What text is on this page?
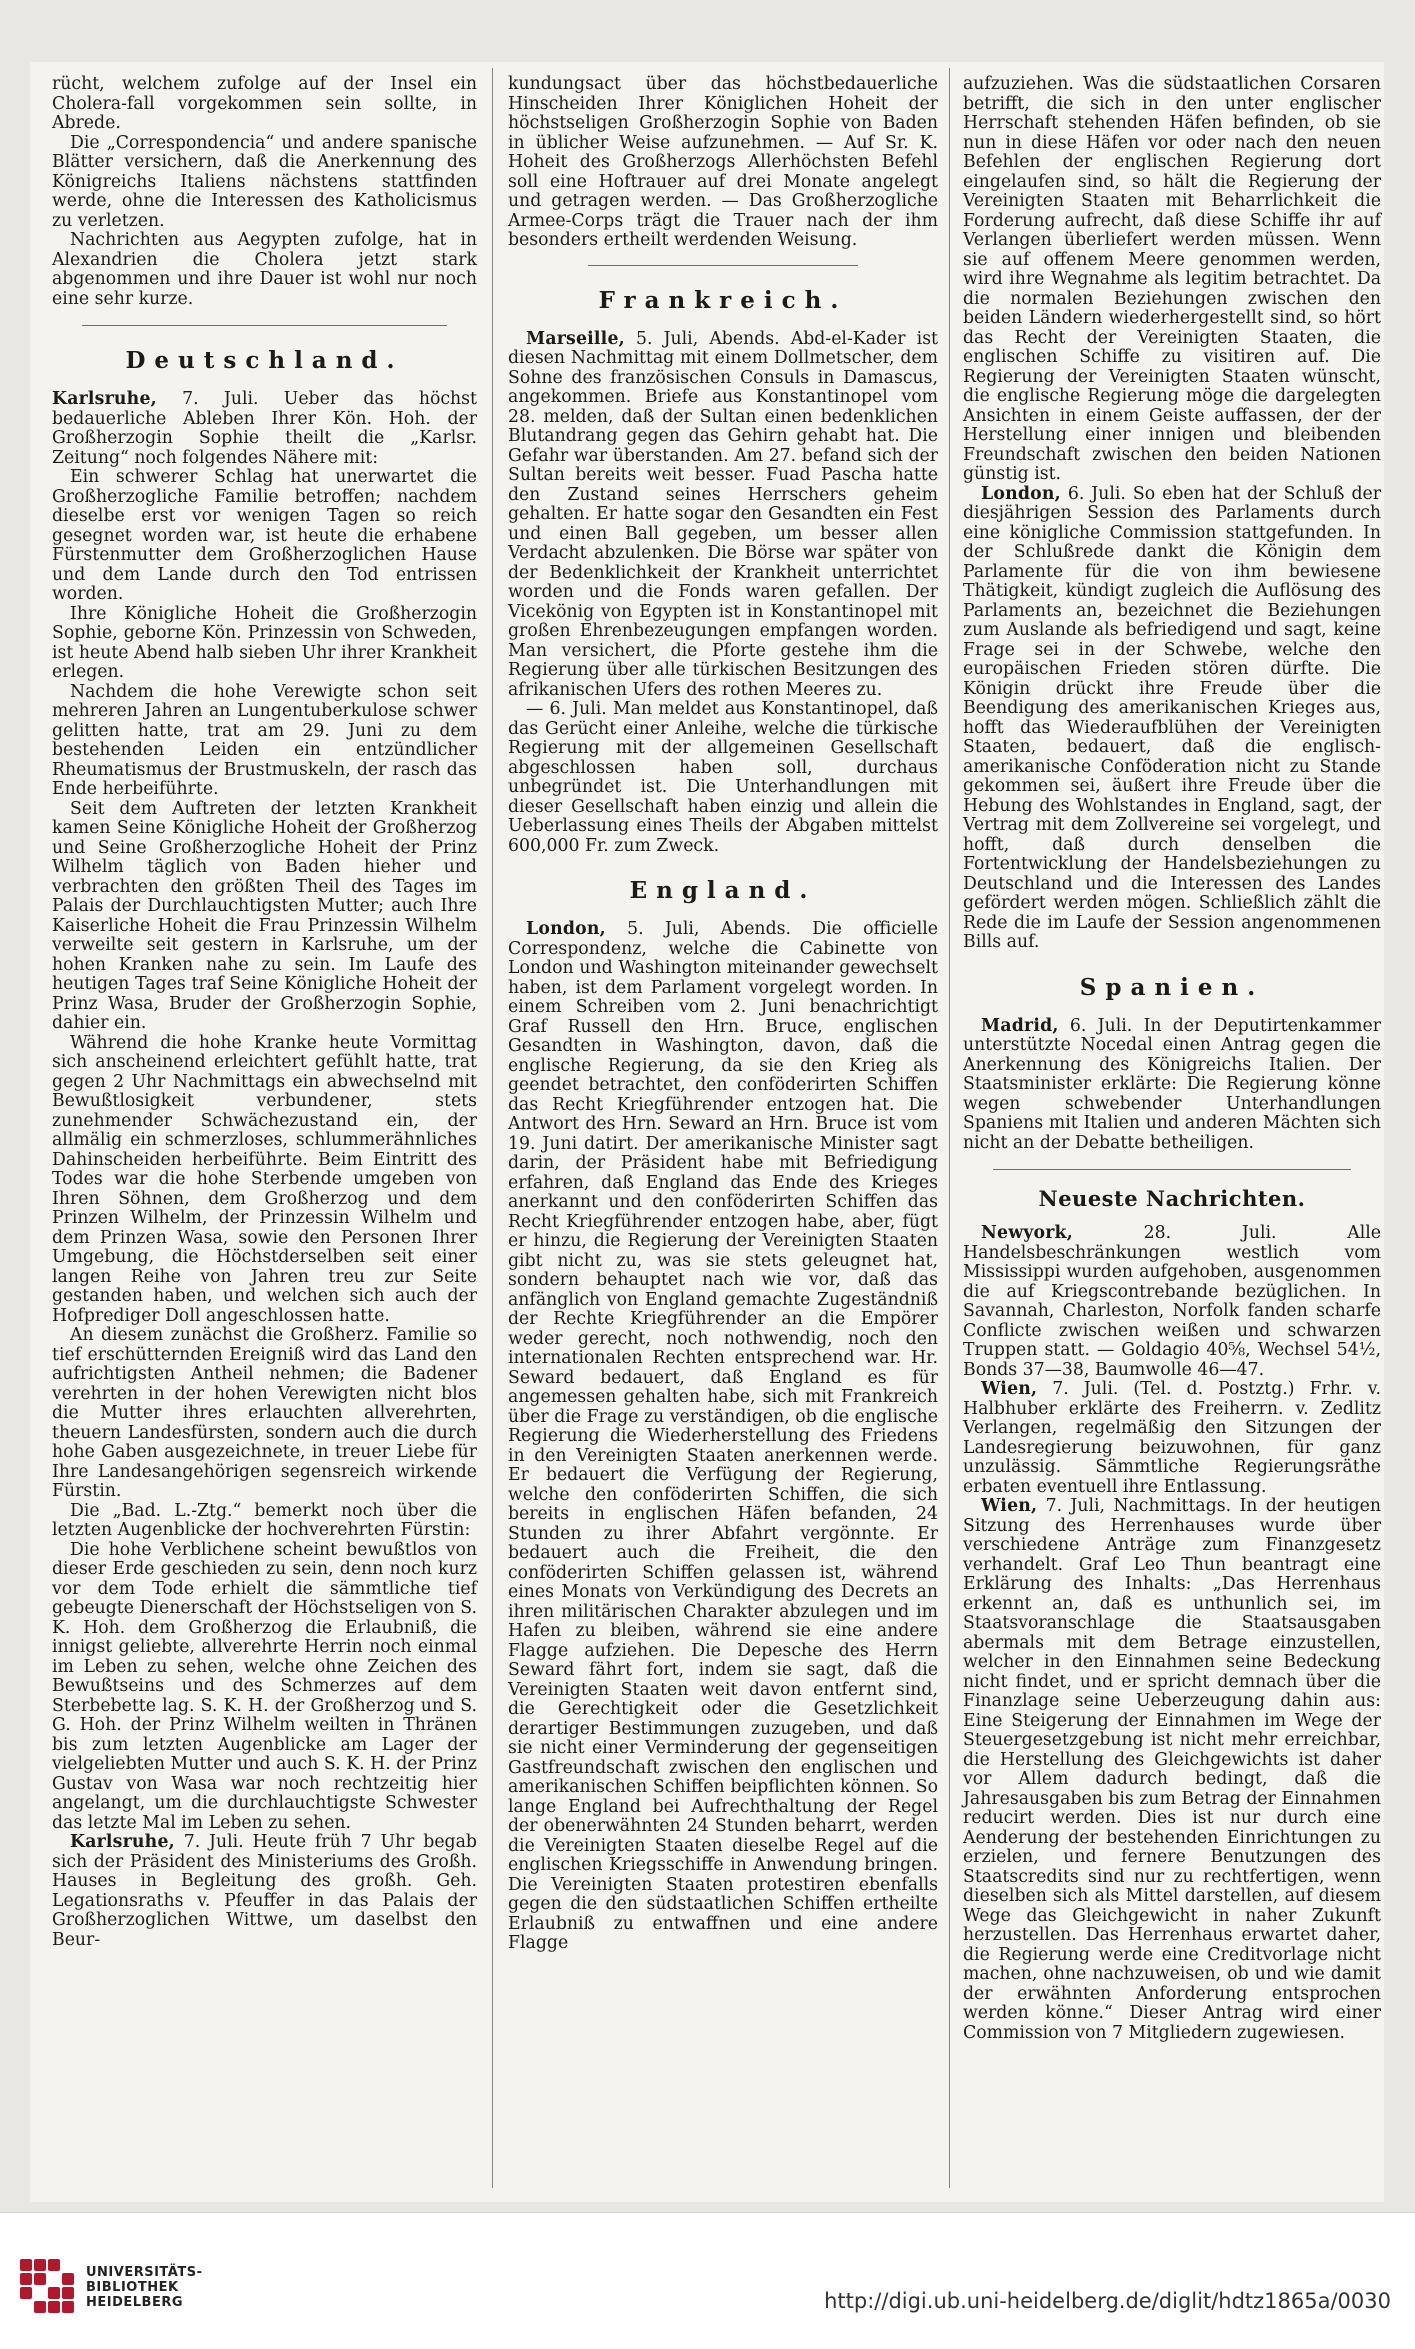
rücht, welchem zufolge auf der Insel ein Cholera-fall vorgekommen sein sollte, in Abrede.

Die „Correspondencia“ und andere spanische Blätter versichern, daß die Anerkennung des Königreichs Italiens nächstens stattfinden werde, ohne die Interessen des Katholicismus zu verletzen.

Nachrichten aus Aegypten zufolge, hat in Alexandrien die Cholera jetzt stark abgenommen und ihre Dauer ist wohl nur noch eine sehr kurze.

Deutschland.

Karlsruhe, 7. Juli. Ueber das höchst bedauerliche Ableben Ihrer Kön. Hoh. der Großherzogin Sophie theilt die „Karlsr. Zeitung“ noch folgendes Nähere mit:

Ein schwerer Schlag hat unerwartet die Großherzogliche Familie betroffen; nachdem dieselbe erst vor wenigen Tagen so reich gesegnet worden war, ist heute die erhabene Fürstenmutter dem Großherzoglichen Hause und dem Lande durch den Tod entrissen worden.

Ihre Königliche Hoheit die Großherzogin Sophie, geborne Kön. Prinzessin von Schweden, ist heute Abend halb sieben Uhr ihrer Krankheit erlegen.

Nachdem die hohe Verewigte schon seit mehreren Jahren an Lungentuberkulose schwer gelitten hatte, trat am 29. Juni zu dem bestehenden Leiden ein entzündlicher Rheumatismus der Brustmuskeln, der rasch das Ende herbeiführte.

Seit dem Auftreten der letzten Krankheit kamen Seine Königliche Hoheit der Großherzog und Seine Großherzogliche Hoheit der Prinz Wilhelm täglich von Baden hieher und verbrachten den größten Theil des Tages im Palais der Durchlauchtigsten Mutter; auch Ihre Kaiserliche Hoheit die Frau Prinzessin Wilhelm verweilte seit gestern in Karlsruhe, um der hohen Kranken nahe zu sein. Im Laufe des heutigen Tages traf Seine Königliche Hoheit der Prinz Wasa, Bruder der Großherzogin Sophie, dahier ein.

Während die hohe Kranke heute Vormittag sich anscheinend erleichtert gefühlt hatte, trat gegen 2 Uhr Nachmittags ein abwechselnd mit Bewußtlosigkeit verbundener, stets zunehmender Schwächezustand ein, der allmälig ein schmerzloses, schlummerähnliches Dahinscheiden herbeiführte. Beim Eintritt des Todes war die hohe Sterbende umgeben von Ihren Söhnen, dem Großherzog und dem Prinzen Wilhelm, der Prinzessin Wilhelm und dem Prinzen Wasa, sowie den Personen Ihrer Umgebung, die Höchstderselben seit einer langen Reihe von Jahren treu zur Seite gestanden haben, und welchen sich auch der Hofprediger Doll angeschlossen hatte.

An diesem zunächst die Großherz. Familie so tief erschütternden Ereigniß wird das Land den aufrichtigsten Antheil nehmen; die Badener verehrten in der hohen Verewigten nicht blos die Mutter ihres erlauchten allverehrten, theuern Landesfürsten, sondern auch die durch hohe Gaben ausgezeichnete, in treuer Liebe für Ihre Landesangehörigen segensreich wirkende Fürstin.

Die „Bad. L.-Ztg.“ bemerkt noch über die letzten Augenblicke der hochverehrten Fürstin:

Die hohe Verblichene scheint bewußtlos von dieser Erde geschieden zu sein, denn noch kurz vor dem Tode erhielt die sämmtliche tief gebeugte Dienerschaft der Höchstseligen von S. K. Hoh. dem Großherzog die Erlaubniß, die innigst geliebte, allverehrte Herrin noch einmal im Leben zu sehen, welche ohne Zeichen des Bewußtseins und des Schmerzes auf dem Sterbebette lag. S. K. H. der Großherzog und S. G. Hoh. der Prinz Wilhelm weilten in Thränen bis zum letzten Augenblicke am Lager der vielgeliebten Mutter und auch S. K. H. der Prinz Gustav von Wasa war noch rechtzeitig hier angelangt, um die durchlauchtigste Schwester das letzte Mal im Leben zu sehen.

Karlsruhe, 7. Juli. Heute früh 7 Uhr begab sich der Präsident des Ministeriums des Großh. Hauses in Begleitung des großh. Geh. Legationsraths v. Pfeuffer in das Palais der Großherzoglichen Wittwe, um daselbst den Beur-

kundungsact über das höchstbedauerliche Hinscheiden Ihrer Königlichen Hoheit der höchstseligen Großherzogin Sophie von Baden in üblicher Weise aufzunehmen. — Auf Sr. K. Hoheit des Großherzogs Allerhöchsten Befehl soll eine Hoftrauer auf drei Monate angelegt und getragen werden. — Das Großherzogliche Armee-Corps trägt die Trauer nach der ihm besonders ertheilt werdenden Weisung.

Frankreich.

Marseille, 5. Juli, Abends. Abd-el-Kader ist diesen Nachmittag mit einem Dollmetscher, dem Sohne des französischen Consuls in Damascus, angekommen. Briefe aus Konstantinopel vom 28. melden, daß der Sultan einen bedenklichen Blutandrang gegen das Gehirn gehabt hat. Die Gefahr war überstanden. Am 27. befand sich der Sultan bereits weit besser. Fuad Pascha hatte den Zustand seines Herrschers geheim gehalten. Er hatte sogar den Gesandten ein Fest und einen Ball gegeben, um besser allen Verdacht abzulenken. Die Börse war später von der Bedenklichkeit der Krankheit unterrichtet worden und die Fonds waren gefallen. Der Vicekönig von Egypten ist in Konstantinopel mit großen Ehrenbezeugungen empfangen worden. Man versichert, die Pforte gestehe ihm die Regierung über alle türkischen Besitzungen des afrikanischen Ufers des rothen Meeres zu.

— 6. Juli. Man meldet aus Konstantinopel, daß das Gerücht einer Anleihe, welche die türkische Regierung mit der allgemeinen Gesellschaft abgeschlossen haben soll, durchaus unbegründet ist. Die Unterhandlungen mit dieser Gesellschaft haben einzig und allein die Ueberlassung eines Theils der Abgaben mittelst 600,000 Fr. zum Zweck.

England.

London, 5. Juli, Abends. Die officielle Correspondenz, welche die Cabinette von London und Washington miteinander gewechselt haben, ist dem Parlament vorgelegt worden. In einem Schreiben vom 2. Juni benachrichtigt Graf Russell den Hrn. Bruce, englischen Gesandten in Washington, davon, daß die englische Regierung, da sie den Krieg als geendet betrachtet, den conföderirten Schiffen das Recht Kriegführender entzogen hat. Die Antwort des Hrn. Seward an Hrn. Bruce ist vom 19. Juni datirt. Der amerikanische Minister sagt darin, der Präsident habe mit Befriedigung erfahren, daß England das Ende des Krieges anerkannt und den conföderirten Schiffen das Recht Kriegführender entzogen habe, aber, fügt er hinzu, die Regierung der Vereinigten Staaten gibt nicht zu, was sie stets geleugnet hat, sondern behauptet nach wie vor, daß das anfänglich von England gemachte Zugeständniß der Rechte Kriegführender an die Empörer weder gerecht, noch nothwendig, noch den internationalen Rechten entsprechend war. Hr. Seward bedauert, daß England es für angemessen gehalten habe, sich mit Frankreich über die Frage zu verständigen, ob die englische Regierung die Wiederherstellung des Friedens in den Vereinigten Staaten anerkennen werde. Er bedauert die Verfügung der Regierung, welche den conföderirten Schiffen, die sich bereits in englischen Häfen befanden, 24 Stunden zu ihrer Abfahrt vergönnte. Er bedauert auch die Freiheit, die den conföderirten Schiffen gelassen ist, während eines Monats von Verkündigung des Decrets an ihren militärischen Charakter abzulegen und im Hafen zu bleiben, während sie eine andere Flagge aufziehen. Die Depesche des Herrn Seward fährt fort, indem sie sagt, daß die Vereinigten Staaten weit davon entfernt sind, die Gerechtigkeit oder die Gesetzlichkeit derartiger Bestimmungen zuzugeben, und daß sie nicht einer Verminderung der gegenseitigen Gastfreundschaft zwischen den englischen und amerikanischen Schiffen beipflichten können. So lange England bei Aufrechthaltung der Regel der obenerwähnten 24 Stunden beharrt, werden die Vereinigten Staaten dieselbe Regel auf die englischen Kriegsschiffe in Anwendung bringen. Die Vereinigten Staaten protestiren ebenfalls gegen die den südstaatlichen Schiffen ertheilte Erlaubniß zu entwaffnen und eine andere Flagge

aufzuziehen. Was die südstaatlichen Corsaren betrifft, die sich in den unter englischer Herrschaft stehenden Häfen befinden, ob sie nun in diese Häfen vor oder nach den neuen Befehlen der englischen Regierung dort eingelaufen sind, so hält die Regierung der Vereinigten Staaten mit Beharrlichkeit die Forderung aufrecht, daß diese Schiffe ihr auf Verlangen überliefert werden müssen. Wenn sie auf offenem Meere genommen werden, wird ihre Wegnahme als legitim betrachtet. Da die normalen Beziehungen zwischen den beiden Ländern wiederhergestellt sind, so hört das Recht der Vereinigten Staaten, die englischen Schiffe zu visitiren auf. Die Regierung der Vereinigten Staaten wünscht, die englische Regierung möge die dargelegten Ansichten in einem Geiste auffassen, der der Herstellung einer innigen und bleibenden Freundschaft zwischen den beiden Nationen günstig ist.

London, 6. Juli. So eben hat der Schluß der diesjährigen Session des Parlaments durch eine königliche Commission stattgefunden. In der Schlußrede dankt die Königin dem Parlamente für die von ihm bewiesene Thätigkeit, kündigt zugleich die Auflösung des Parlaments an, bezeichnet die Beziehungen zum Auslande als befriedigend und sagt, keine Frage sei in der Schwebe, welche den europäischen Frieden stören dürfte. Die Königin drückt ihre Freude über die Beendigung des amerikanischen Krieges aus, hofft das Wiederaufblühen der Vereinigten Staaten, bedauert, daß die englisch-amerikanische Conföderation nicht zu Stande gekommen sei, äußert ihre Freude über die Hebung des Wohlstandes in England, sagt, der Vertrag mit dem Zollvereine sei vorgelegt, und hofft, daß durch denselben die Fortentwicklung der Handelsbeziehungen zu Deutschland und die Interessen des Landes gefördert werden mögen. Schließlich zählt die Rede die im Laufe der Session angenommenen Bills auf.

Spanien.

Madrid, 6. Juli. In der Deputirtenkammer unterstützte Nocedal einen Antrag gegen die Anerkennung des Königreichs Italien. Der Staatsminister erklärte: Die Regierung könne wegen schwebender Unterhandlungen Spaniens mit Italien und anderen Mächten sich nicht an der Debatte betheiligen.

Neueste Nachrichten.

Newyork,	28. Juli. Alle Handelsbeschränkungen westlich vom Mississippi wurden aufgehoben, ausgenommen die auf Kriegscontrebande bezüglichen. In Savannah, Charleston, Norfolk fanden scharfe Conflicte zwischen weißen und schwarzen Truppen statt. — Goldagio 40⅝, Wechsel 54½, Bonds 37—38, Baumwolle 46—47.

Wien, 7. Juli. (Tel. d. Postztg.) Frhr. v. Halbhuber erklärte des Freiherrn. v. Zedlitz Verlangen, regelmäßig den Sitzungen der Landesregierung beizuwohnen, für ganz unzulässig. Sämmtliche Regierungsräthe erbaten eventuell ihre Entlassung.

Wien, 7. Juli, Nachmittags. In der heutigen Sitzung des Herrenhauses wurde über verschiedene Anträge zum Finanzgesetz verhandelt. Graf Leo Thun beantragt eine Erklärung des Inhalts: „Das Herrenhaus erkennt an, daß es unthunlich sei, im Staatsvoranschlage die Staatsausgaben abermals mit dem Betrage einzustellen, welcher in den Einnahmen seine Bedeckung nicht findet, und er spricht demnach über die Finanzlage seine Ueberzeugung dahin aus: Eine Steigerung der Einnahmen im Wege der Steuergesetzgebung ist nicht mehr erreichbar, die Herstellung des Gleichgewichts ist daher vor Allem dadurch bedingt, daß die Jahresausgaben bis zum Betrag der Einnahmen reducirt werden. Dies ist nur durch eine Aenderung der bestehenden Einrichtungen zu erzielen, und fernere Benutzungen des Staatscredits sind nur zu rechtfertigen, wenn dieselben sich als Mittel darstellen, auf diesem Wege das Gleichgewicht in naher Zukunft herzustellen. Das Herrenhaus erwartet daher, die Regierung werde eine Creditvorlage nicht machen, ohne nachzuweisen, ob und wie damit der erwähnten Anforderung entsprochen werden könne.“ Dieser Antrag wird einer Commission von 7 Mitgliedern zugewiesen.

UNIVERSITÄTS-
BIBLIOTHEK
HEIDELBERG	http://digi.ub.uni-heidelberg.de/diglit/hdtz1865a/0030
